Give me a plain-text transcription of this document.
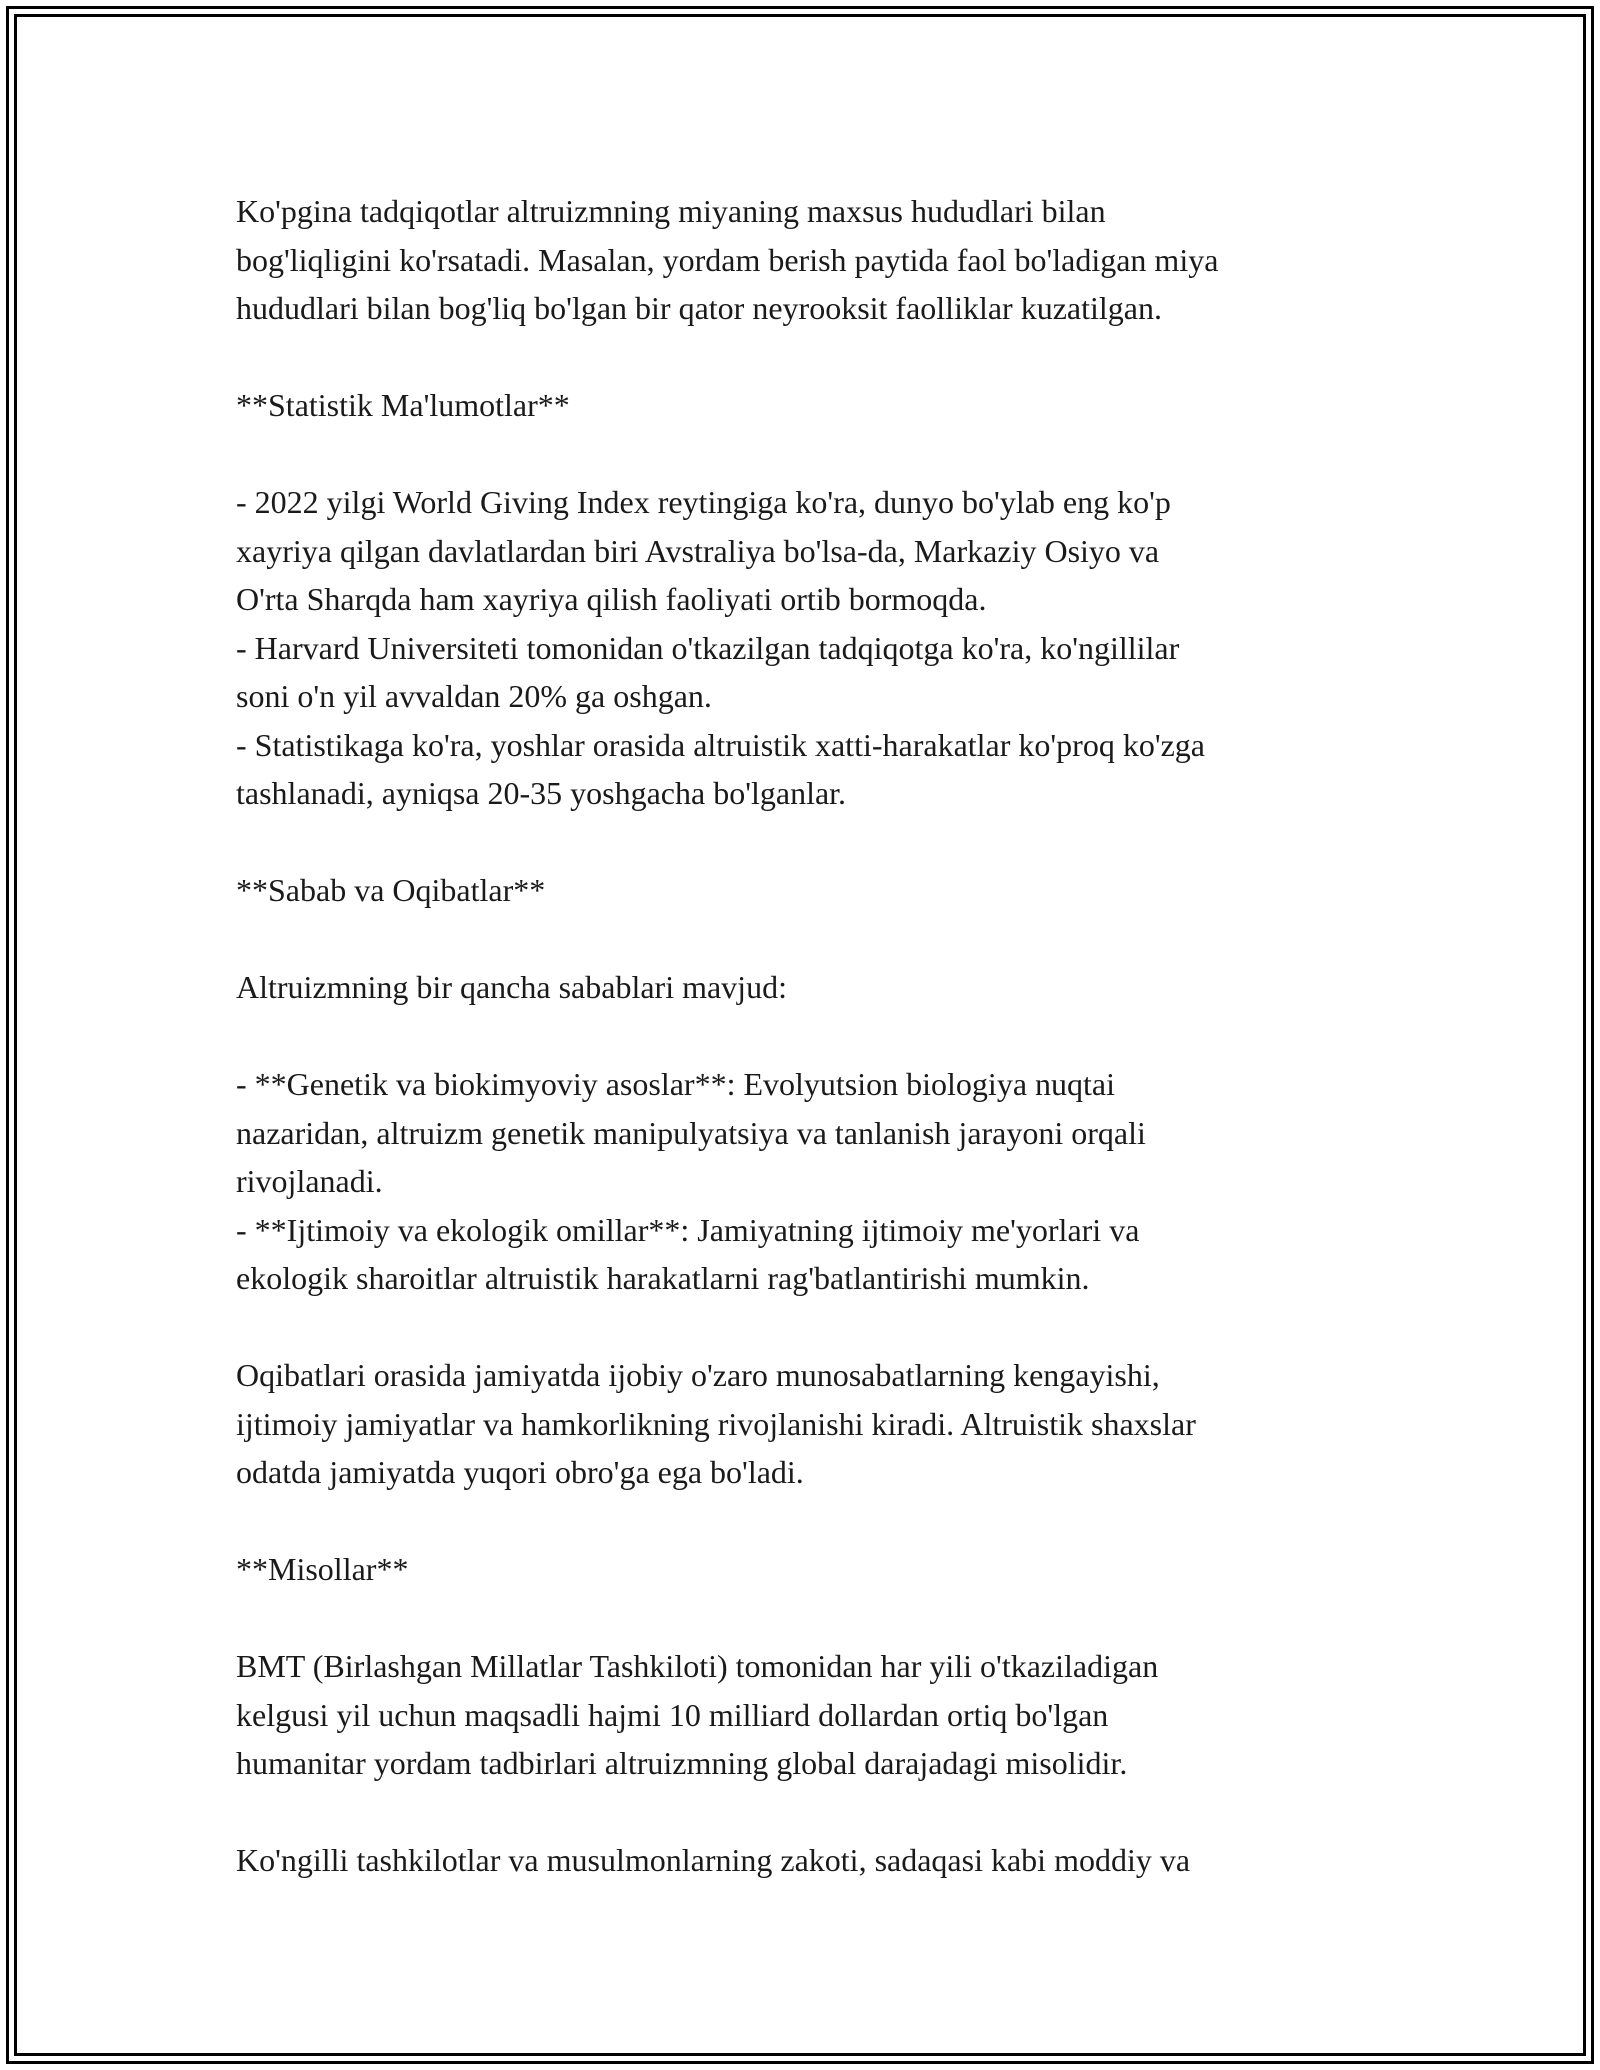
Ko'pgina tadqiqotlar altruizmning miyaning maxsus hududlari bilan

bog'liqligini ko'rsatadi. Masalan, yordam berish paytida faol bo'ladigan miya

hududlari bilan bog'liq bo'lgan bir qator neyrooksit faolliklar kuzatilgan.

**Statistik Ma'lumotlar**

- 2022 yilgi World Giving Index reytingiga ko'ra, dunyo bo'ylab eng ko'p

xayriya qilgan davlatlardan biri Avstraliya bo'lsa-da, Markaziy Osiyo va

O'rta Sharqda ham xayriya qilish faoliyati ortib bormoqda.

- Harvard Universiteti tomonidan o'tkazilgan tadqiqotga ko'ra, ko'ngillilar

soni o'n yil avvaldan 20% ga oshgan.

- Statistikaga ko'ra, yoshlar orasida altruistik xatti-harakatlar ko'proq ko'zga

tashlanadi, ayniqsa 20-35 yoshgacha bo'lganlar.

**Sabab va Oqibatlar**

Altruizmning bir qancha sabablari mavjud:

- **Genetik va biokimyoviy asoslar**: Evolyutsion biologiya nuqtai

nazaridan, altruizm genetik manipulyatsiya va tanlanish jarayoni orqali

rivojlanadi.

- **Ijtimoiy va ekologik omillar**: Jamiyatning ijtimoiy me'yorlari va

ekologik sharoitlar altruistik harakatlarni rag'batlantirishi mumkin.

Oqibatlari orasida jamiyatda ijobiy o'zaro munosabatlarning kengayishi,

ijtimoiy jamiyatlar va hamkorlikning rivojlanishi kiradi. Altruistik shaxslar

odatda jamiyatda yuqori obro'ga ega bo'ladi.

**Misollar**

BMT (Birlashgan Millatlar Tashkiloti) tomonidan har yili o'tkaziladigan

kelgusi yil uchun maqsadli hajmi 10 milliard dollardan ortiq bo'lgan

humanitar yordam tadbirlari altruizmning global darajadagi misolidir.

Ko'ngilli tashkilotlar va musulmonlarning zakoti, sadaqasi kabi moddiy va
